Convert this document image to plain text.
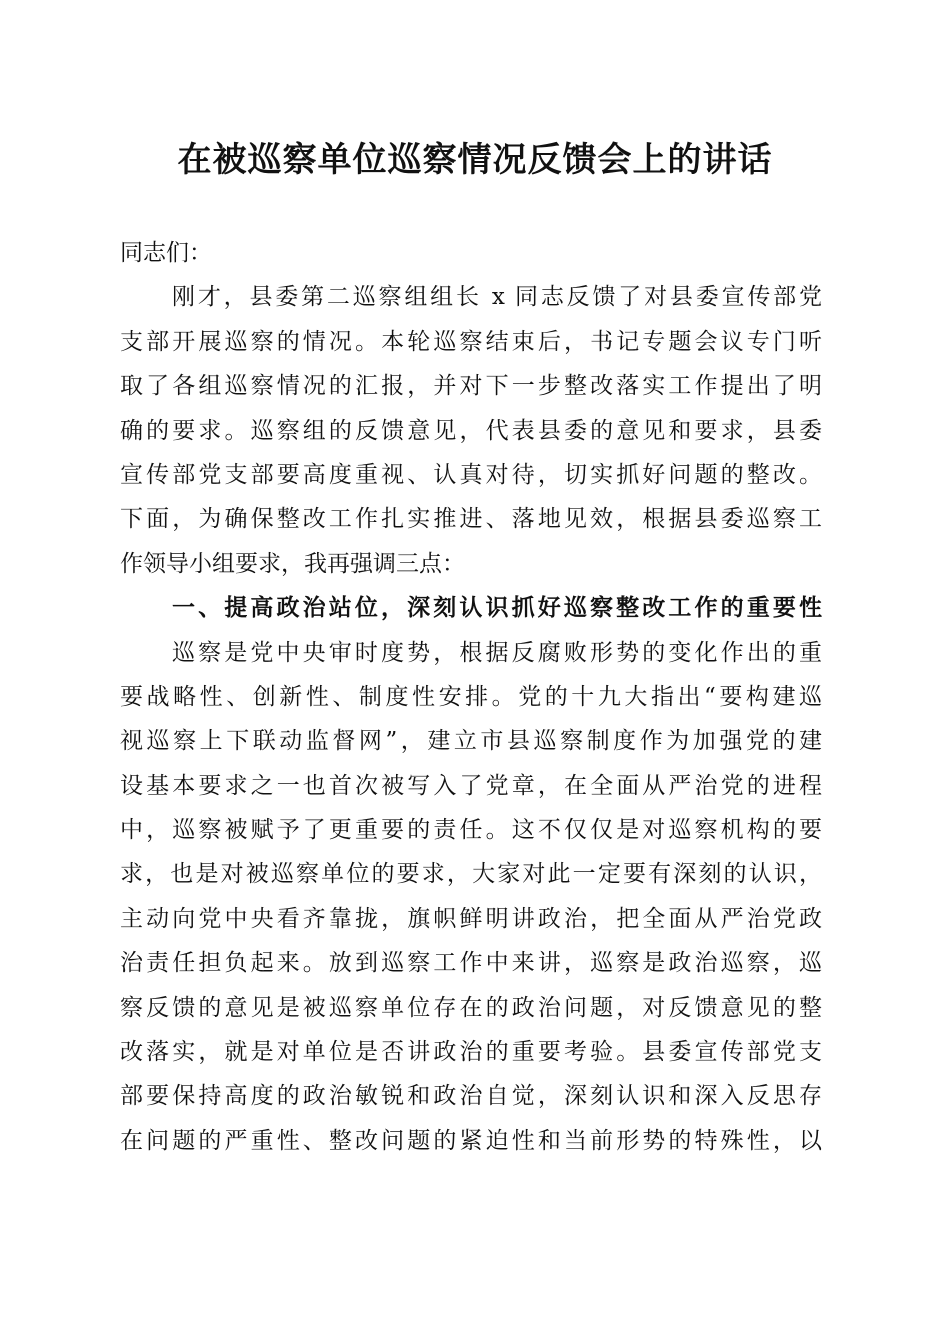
在被巡察单位巡察情况反馈会上的讲话
同志们：
刚才，县委第二巡察组组长 x 同志反馈了对县委宣传部党
支部开展巡察的情况。本轮巡察结束后，书记专题会议专门听
取了各组巡察情况的汇报，并对下一步整改落实工作提出了明
确的要求。巡察组的反馈意见，代表县委的意见和要求，县委
宣传部党支部要高度重视、认真对待，切实抓好问题的整改。
下面，为确保整改工作扎实推进、落地见效，根据县委巡察工
作领导小组要求，我再强调三点：
一、提高政治站位，深刻认识抓好巡察整改工作的重要性
巡察是党中央审时度势，根据反腐败形势的变化作出的重
要战略性、创新性、制度性安排。党的十九大指出“要构建巡
视巡察上下联动监督网”，建立市县巡察制度作为加强党的建
设基本要求之一也首次被写入了党章，在全面从严治党的进程
中，巡察被赋予了更重要的责任。这不仅仅是对巡察机构的要
求，也是对被巡察单位的要求，大家对此一定要有深刻的认识，
主动向党中央看齐靠拢，旗帜鲜明讲政治，把全面从严治党政
治责任担负起来。放到巡察工作中来讲，巡察是政治巡察，巡
察反馈的意见是被巡察单位存在的政治问题，对反馈意见的整
改落实，就是对单位是否讲政治的重要考验。县委宣传部党支
部要保持高度的政治敏锐和政治自觉，深刻认识和深入反思存
在问题的严重性、整改问题的紧迫性和当前形势的特殊性，以
